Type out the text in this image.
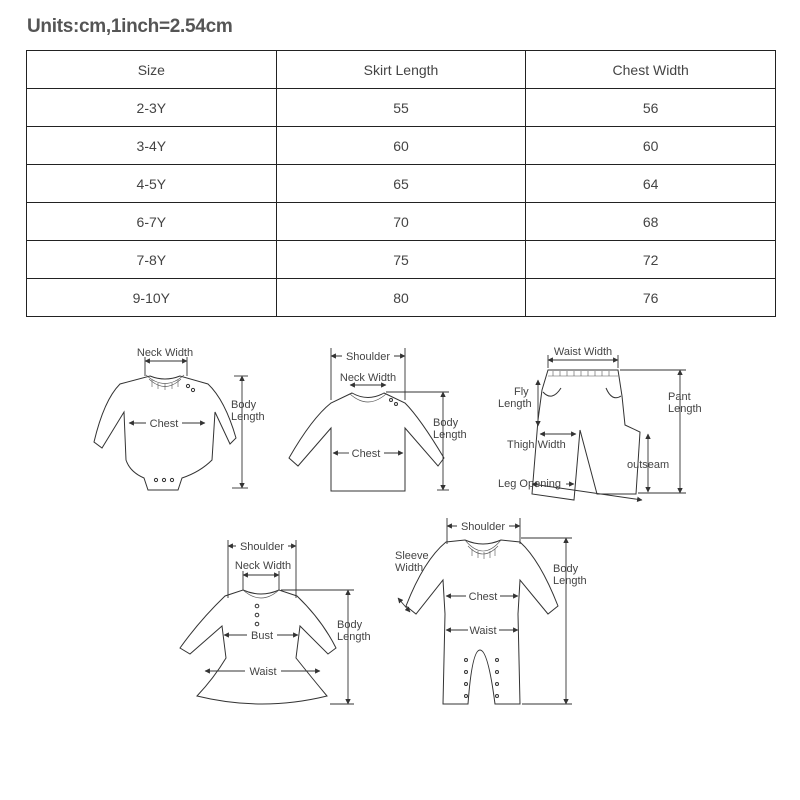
Units:cm,1inch=2.54cm
Size	Skirt Length	Chest Width
2-3Y	55	56
3-4Y	60	60
4-5Y	65	64
6-7Y	70	68
7-8Y	75	72
9-10Y	80	76
Neck Width
Chest
Body
Length
Shoulder
Neck Width
Chest
Body
Length
Waist Width
Fly
Length
Pant
Length
Thigh Width
outseam
Leg Opening
Shoulder
Neck Width
Bust
Waist
Body
Length
Shoulder
Sleeve
Width
Chest
Waist
Body
Length
